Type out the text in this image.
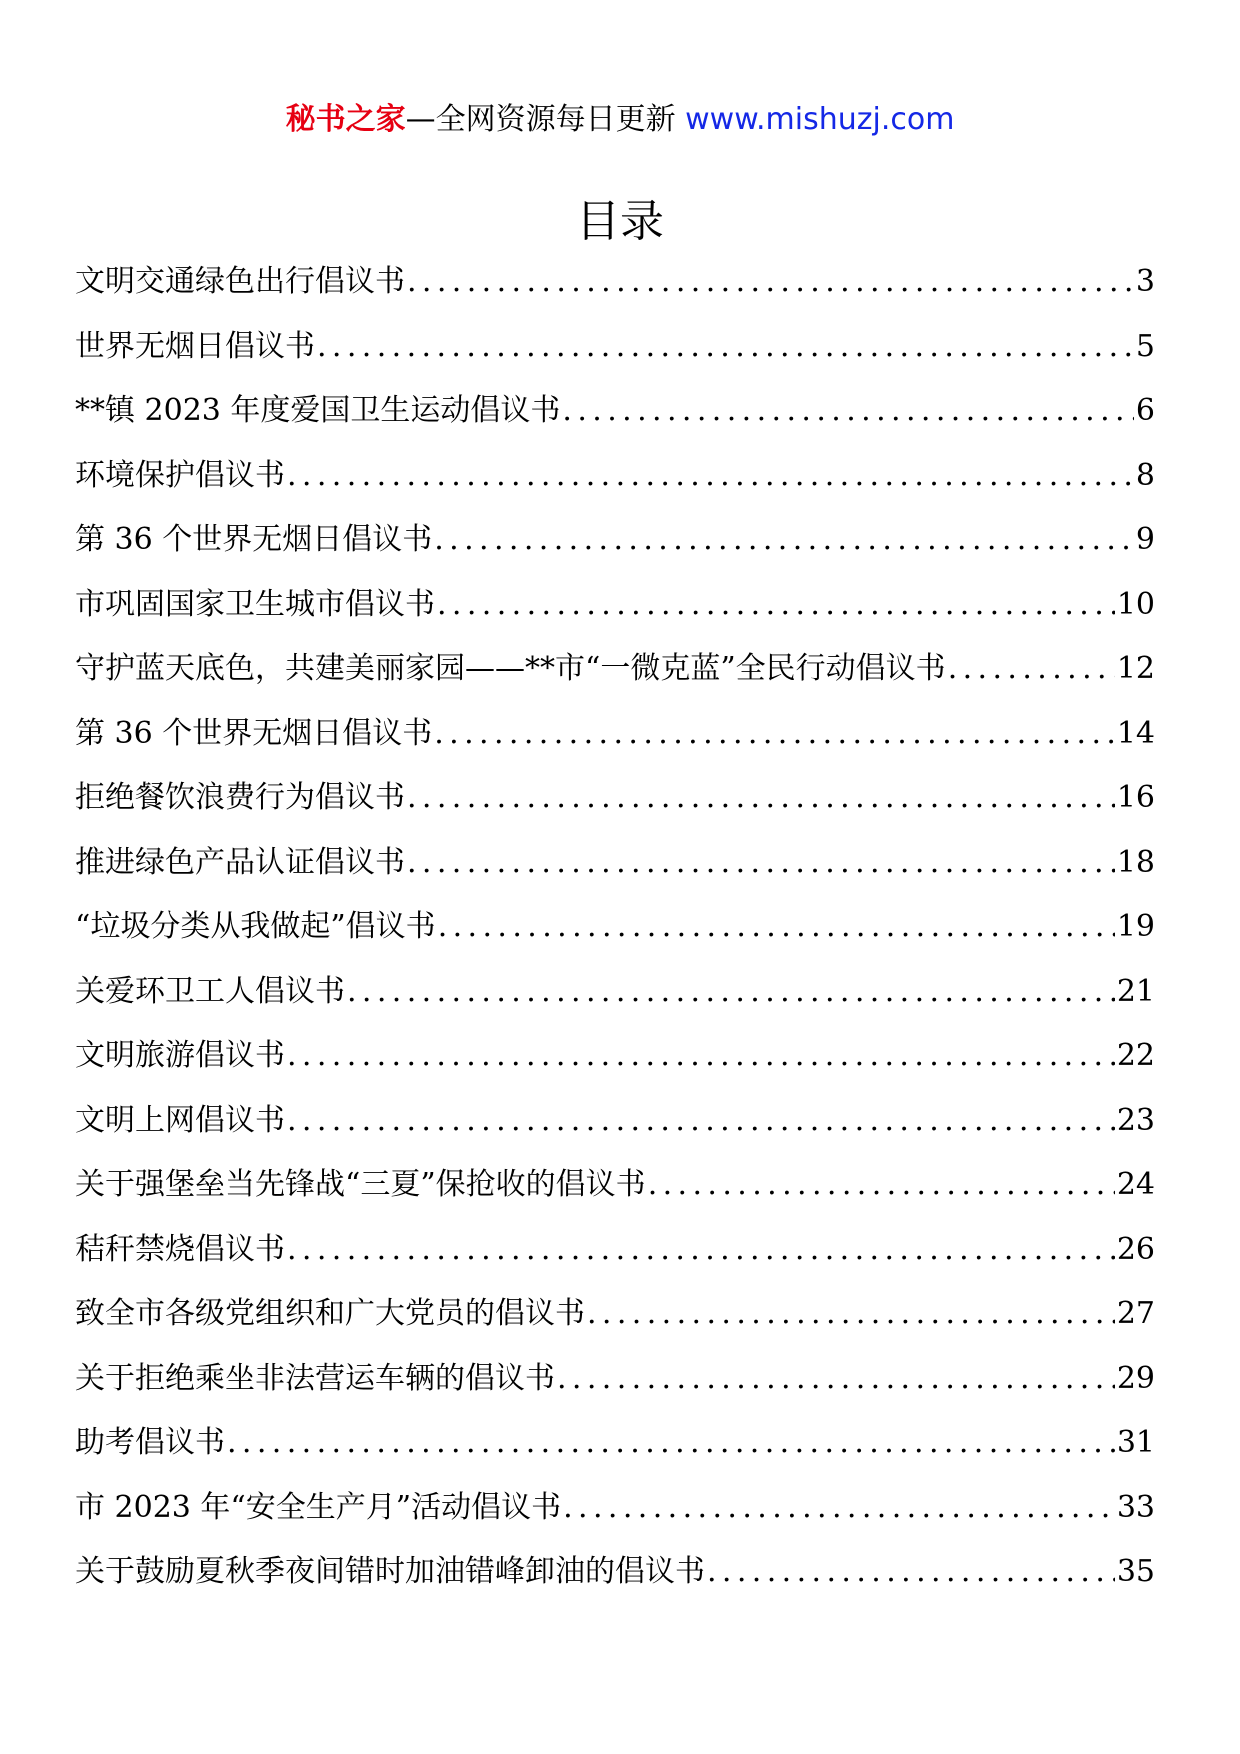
秘书之家—全网资源每日更新 www.mishuzj.com
目录
文明交通绿色出行倡议书 .....	3
世界无烟日倡议书 .....	5
**镇 2023 年度爱国卫生运动倡议书 .....	6
环境保护倡议书 .....	8
第 36 个世界无烟日倡议书 .....	9
市巩固国家卫生城市倡议书 .....	10
守护蓝天底色，共建美丽家园——**市“一微克蓝”全民行动倡议书 .....	12
第 36 个世界无烟日倡议书 .....	14
拒绝餐饮浪费行为倡议书 .....	16
推进绿色产品认证倡议书 .....	18
“垃圾分类从我做起”倡议书 .....	19
关爱环卫工人倡议书 .....	21
文明旅游倡议书 .....	22
文明上网倡议书 .....	23
关于强堡垒当先锋战“三夏”保抢收的倡议书 .....	24
秸秆禁烧倡议书 .....	26
致全市各级党组织和广大党员的倡议书 .....	27
关于拒绝乘坐非法营运车辆的倡议书 .....	29
助考倡议书 .....	31
市 2023 年“安全生产月”活动倡议书 .....	33
关于鼓励夏秋季夜间错时加油错峰卸油的倡议书 .....	35
